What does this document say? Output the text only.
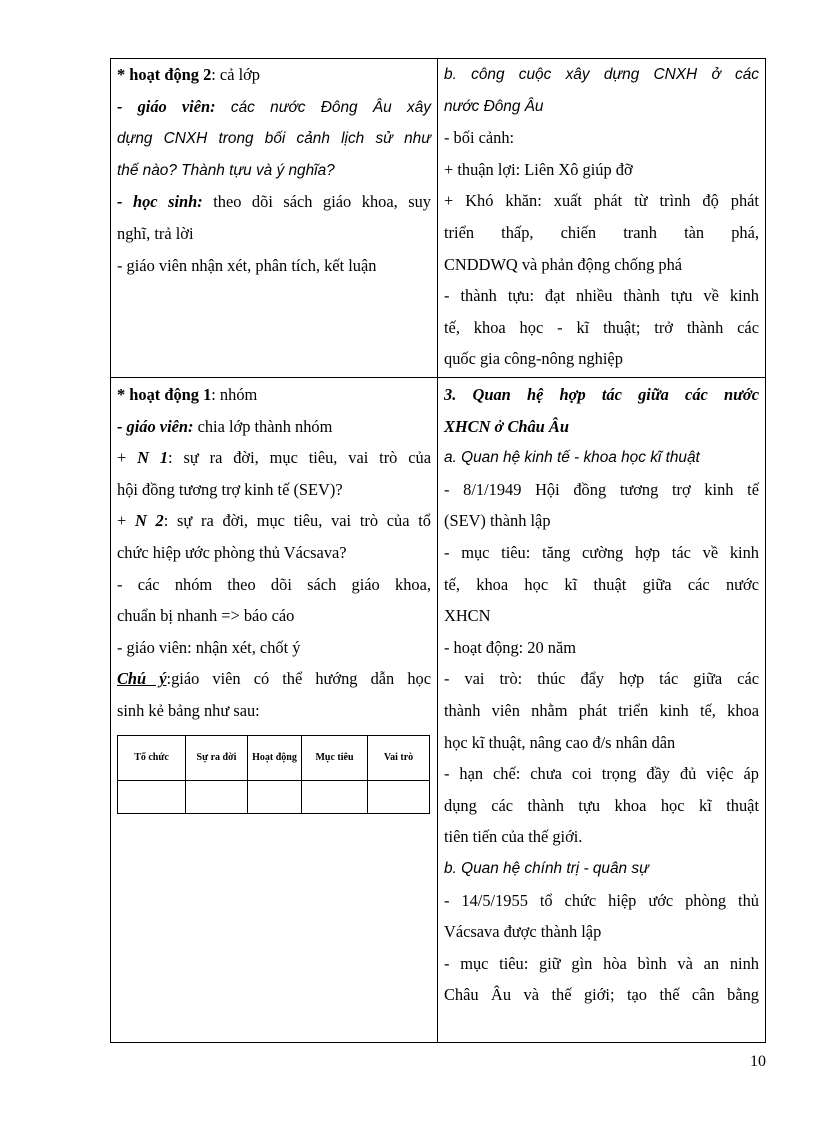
* hoạt động 2: cả lớp

- giáo viên: các nước Đông Âu xây

dựng CNXH trong bối cảnh lịch sử như

thế nào? Thành tựu và ý nghĩa?

- học sinh: theo dõi sách giáo khoa, suy

nghĩ, trả lời

- giáo viên nhận xét, phân tích, kết luận

b. công cuộc xây dựng CNXH ở các

nước Đông Âu

- bối cảnh:

+ thuận lợi: Liên Xô giúp đỡ

+ Khó khăn: xuất phát từ trình độ phát

triển thấp, chiến tranh tàn phá,

CNDDWQ và phản động chống phá

- thành tựu: đạt nhiều thành tựu về kinh

tế, khoa học - kĩ thuật; trở thành các

quốc gia công-nông nghiệp

* hoạt động 1: nhóm

- giáo viên: chia lớp thành nhóm

+ N 1: sự ra đời, mục tiêu, vai trò của

hội đồng tương trợ kinh tế (SEV)?

+ N 2: sự ra đời, mục tiêu, vai trò của tổ

chức hiệp ước phòng thủ Vácsava?

- các nhóm theo dõi sách giáo khoa,

chuẩn bị nhanh => báo cáo

- giáo viên: nhận xét, chốt ý

Chú ý:giáo viên có thể hướng dẫn học

sinh kẻ bảng như sau:

Tổ chức	Sự ra đời	Hoạt động	Mục tiêu	Vai trò

3. Quan hệ hợp tác giữa các nước

XHCN ở Châu Âu

a. Quan hệ kinh tế - khoa học kĩ thuật

- 8/1/1949 Hội đồng tương trợ kinh tế

(SEV) thành lập

- mục tiêu: tăng cường hợp tác về kinh

tế, khoa học kĩ thuật giữa các nước

XHCN

- hoạt động: 20 năm

- vai trò: thúc đẩy hợp tác giữa các

thành viên nhằm phát triển kinh tế, khoa

học kĩ thuật, nâng cao đ/s nhân dân

- hạn chế: chưa coi trọng đầy đủ việc áp

dụng các thành tựu khoa học kĩ thuật

tiên tiến của thế giới.

b. Quan hệ chính trị - quân sự

- 14/5/1955 tổ chức hiệp ước phòng thủ

Vácsava được thành lập

- mục tiêu: giữ gìn hòa bình và an ninh

Châu Âu và thế giới; tạo thế cân bằng

10
